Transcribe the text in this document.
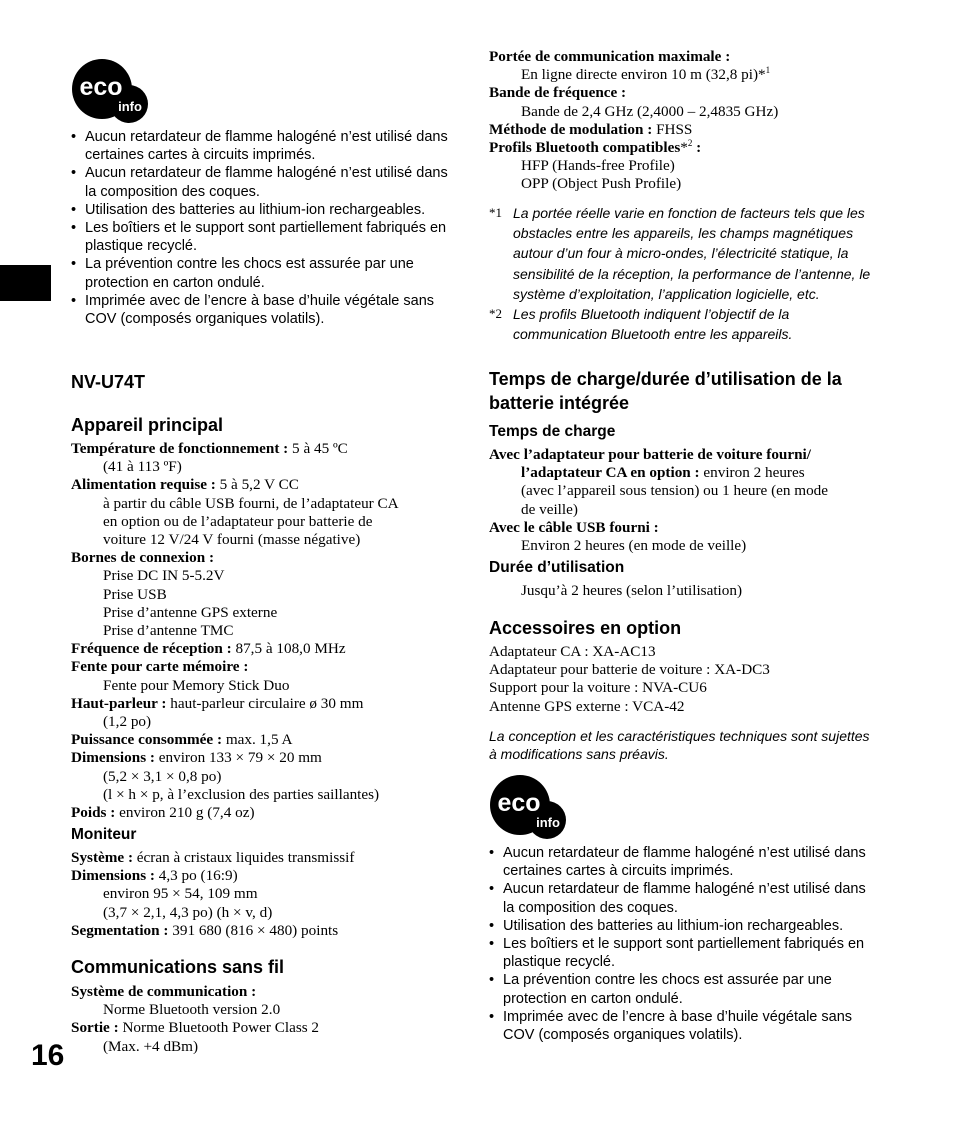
eco
info
• Aucun retardateur de flamme halogéné n’est utilisé dans certaines cartes à circuits imprimés.
• Aucun retardateur de flamme halogéné n’est utilisé dans la composition des coques.
• Utilisation des batteries au lithium-ion rechargeables.
• Les boîtiers et le support sont partiellement fabriqués en plastique recyclé.
• La prévention contre les chocs est assurée par une protection en carton ondulé.
• Imprimée avec de l’encre à base d’huile végétale sans COV (composés organiques volatils).
NV-U74T
Appareil principal
Température de fonctionnement : 5 à 45 ºC
(41 à 113 ºF)
Alimentation requise : 5 à 5,2 V CC
à partir du câble USB fourni, de l’adaptateur CA
en option ou de l’adaptateur pour batterie de
voiture 12 V/24 V fourni (masse négative)
Bornes de connexion :
Prise DC IN 5-5.2V
Prise USB
Prise d’antenne GPS externe
Prise d’antenne TMC
Fréquence de réception : 87,5 à 108,0 MHz
Fente pour carte mémoire :
Fente pour Memory Stick Duo
Haut-parleur : haut-parleur circulaire ø 30 mm
(1,2 po)
Puissance consommée : max. 1,5 A
Dimensions : environ 133 × 79 × 20 mm
(5,2 × 3,1 × 0,8 po)
(l × h × p, à l’exclusion des parties saillantes)
Poids : environ 210 g (7,4 oz)
Moniteur
Système : écran à cristaux liquides transmissif
Dimensions : 4,3 po (16:9)
environ 95 × 54, 109 mm
(3,7 × 2,1, 4,3 po) (h × v, d)
Segmentation : 391 680 (816 × 480) points
Communications sans fil
Système de communication :
Norme Bluetooth version 2.0
Sortie : Norme Bluetooth Power Class 2
(Max. +4 dBm)

16

Portée de communication maximale :
En ligne directe environ 10 m (32,8 pi)*$^1$
Bande de fréquence :
Bande de 2,4 GHz (2,4000 – 2,4835 GHz)
Méthode de modulation : FHSS
Profils Bluetooth compatibles*$^2$ :
HFP (Hands-free Profile)
OPP (Object Push Profile)
*1 La portée réelle varie en fonction de facteurs tels que les obstacles entre les appareils, les champs magnétiques autour d’un four à micro-ondes, l’électricité statique, la sensibilité de la réception, la performance de l’antenne, le système d’exploitation, l’application logicielle, etc.
*2 Les profils Bluetooth indiquent l’objectif de la communication Bluetooth entre les appareils.
Temps de charge/durée d’utilisation de la batterie intégrée
Temps de charge
Avec l’adaptateur pour batterie de voiture fourni/
l’adaptateur CA en option : environ 2 heures
(avec l’appareil sous tension) ou 1 heure (en mode
de veille)
Avec le câble USB fourni :
Environ 2 heures (en mode de veille)
Durée d’utilisation
Jusqu’à 2 heures (selon l’utilisation)
Accessoires en option
Adaptateur CA : XA-AC13
Adaptateur pour batterie de voiture : XA-DC3
Support pour la voiture : NVA-CU6
Antenne GPS externe : VCA-42

La conception et les caractéristiques techniques sont sujettes à modifications sans préavis.

eco
info
• Aucun retardateur de flamme halogéné n’est utilisé dans certaines cartes à circuits imprimés.
• Aucun retardateur de flamme halogéné n’est utilisé dans la composition des coques.
• Utilisation des batteries au lithium-ion rechargeables.
• Les boîtiers et le support sont partiellement fabriqués en plastique recyclé.
• La prévention contre les chocs est assurée par une protection en carton ondulé.
• Imprimée avec de l’encre à base d’huile végétale sans COV (composés organiques volatils).
